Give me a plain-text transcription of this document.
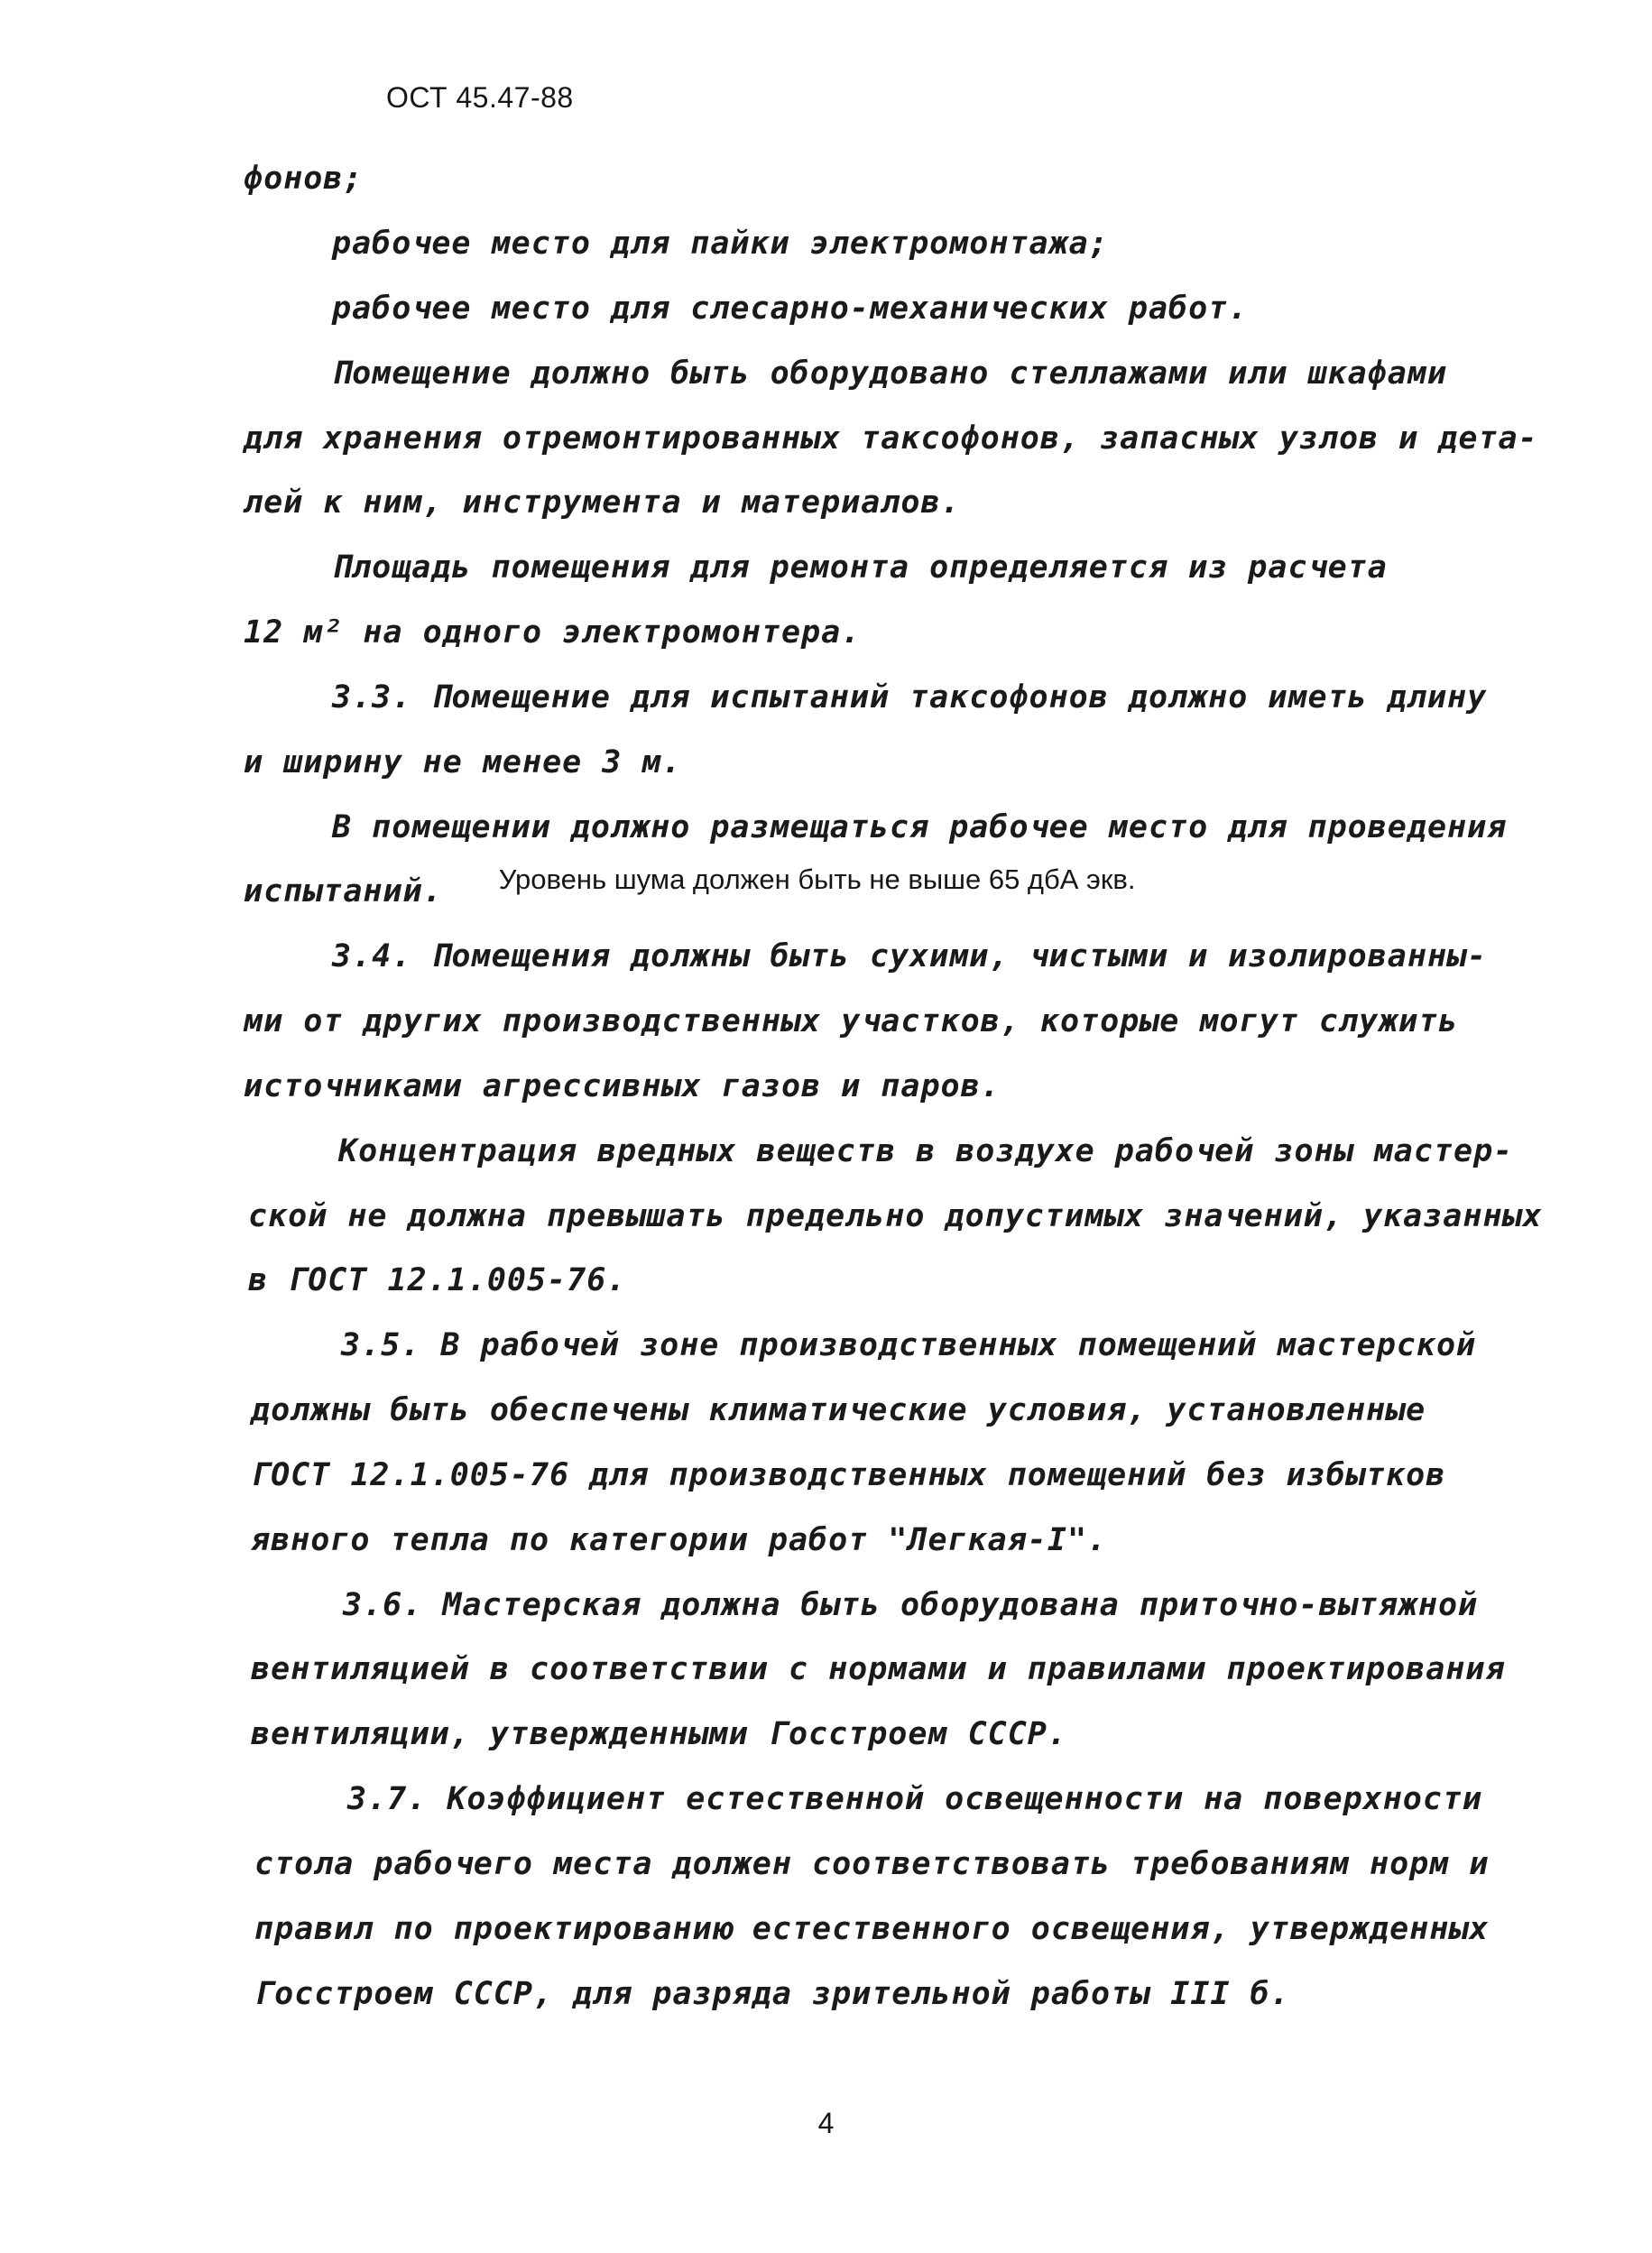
ОСТ 45.47-88
фонов;
рабочее место для пайки электромонтажа;
рабочее место для слесарно-механических работ.
Помещение должно быть оборудовано стеллажами или шкафами
для хранения отремонтированных таксофонов, запасных узлов и дета-
лей к ним, инструмента и материалов.
Площадь помещения для ремонта определяется из расчета
12 м² на одного электромонтера.
3.3. Помещение для испытаний таксофонов должно иметь длину
и ширину не менее 3 м.
В помещении должно размещаться рабочее место для проведения
испытаний. Уровень шума должен быть не выше 65 дбА экв.
3.4. Помещения должны быть сухими, чистыми и изолированны-
ми от других производственных участков, которые могут служить
источниками агрессивных газов и паров.
Концентрация вредных веществ в воздухе рабочей зоны мастер-
ской не должна превышать предельно допустимых значений, указанных
в ГОСТ 12.1.005-76.
3.5. В рабочей зоне производственных помещений мастерской
должны быть обеспечены климатические условия, установленные
ГОСТ 12.1.005-76 для производственных помещений без избытков
явного тепла по категории работ "Легкая-I".
3.6. Мастерская должна быть оборудована приточно-вытяжной
вентиляцией в соответствии с нормами и правилами проектирования
вентиляции, утвержденными Госстроем СССР.
3.7. Коэффициент естественной освещенности на поверхности
стола рабочего места должен соответствовать требованиям норм и
правил по проектированию естественного освещения, утвержденных
Госстроем СССР, для разряда зрительной работы III б.
4
